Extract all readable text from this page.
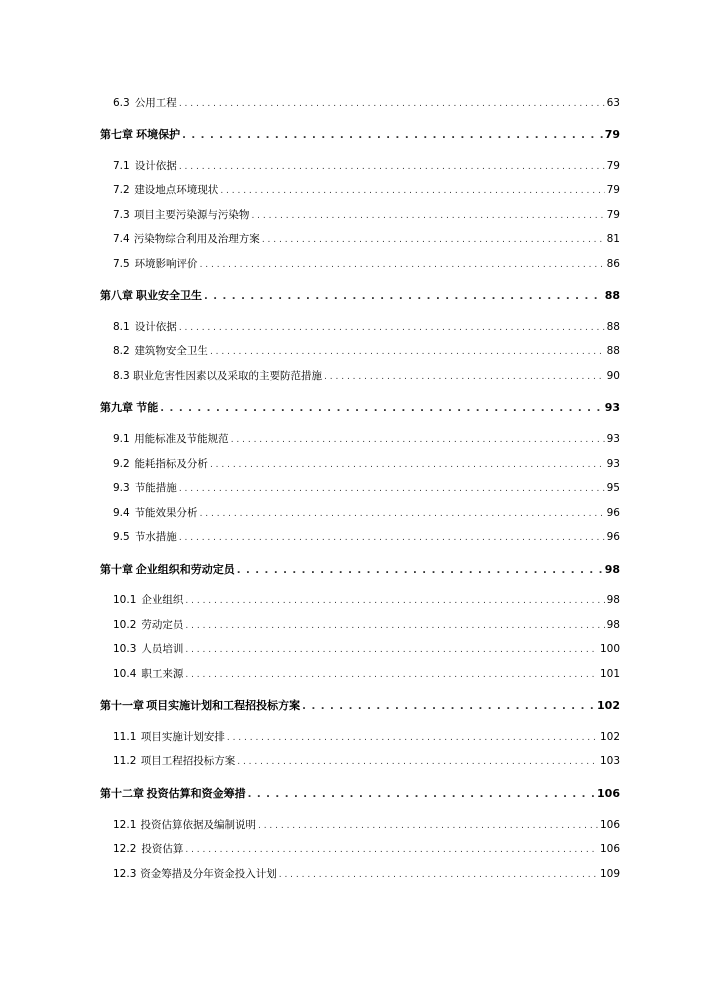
6.3 公用工程 . . .	63
第七章 环境保护 . . .	79
7.1 设计依据 . . .	79
7.2 建设地点环境现状 . . .	79
7.3 项目主要污染源与污染物 . . .	79
7.4 污染物综合利用及治理方案 . . .	81
7.5 环境影响评价 . . .	86
第八章 职业安全卫生 . . .	88
8.1 设计依据 . . .	88
8.2 建筑物安全卫生 . . .	88
8.3 职业危害性因素以及采取的主要防范措施 . . .	90
第九章 节能 . . .	93
9.1 用能标准及节能规范 . . .	93
9.2 能耗指标及分析 . . .	93
9.3 节能措施 . . .	95
9.4 节能效果分析 . . .	96
9.5 节水措施 . . .	96
第十章 企业组织和劳动定员 . . .	98
10.1 企业组织 . . .	98
10.2 劳动定员 . . .	98
10.3 人员培训 . . .	100
10.4 职工来源 . . .	101
第十一章 项目实施计划和工程招投标方案 . . .	102
11.1 项目实施计划安排 . . .	102
11.2 项目工程招投标方案 . . .	103
第十二章 投资估算和资金筹措 . . .	106
12.1 投资估算依据及编制说明 . . .	106
12.2 投资估算 . . .	106
12.3 资金筹措及分年资金投入计划 . . .	109
